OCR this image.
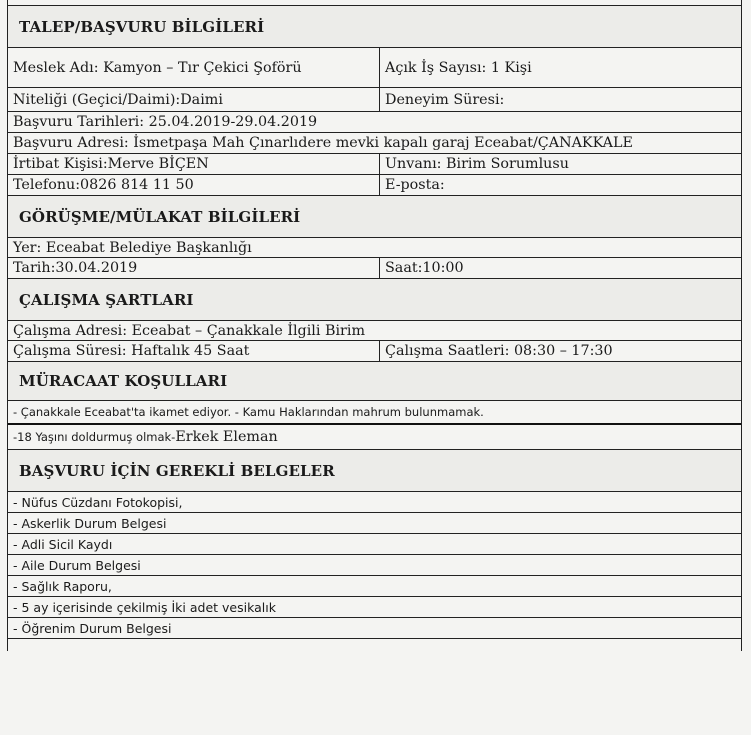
TALEP/BAŞVURU BİLGİLERİ
Meslek Adı: Kamyon – Tır Çekici Şoförü	Açık İş Sayısı: 1 Kişi
Niteliği (Geçici/Daimi):Daimi	Deneyim Süresi:
Başvuru Tarihleri: 25.04.2019-29.04.2019
Başvuru Adresi: İsmetpaşa Mah Çınarlıdere mevki kapalı garaj Eceabat/ÇANAKKALE
İrtibat Kişisi:Merve BİÇEN	Unvanı: Birim Sorumlusu
Telefonu:0826 814 11 50	E-posta:
GÖRÜŞME/MÜLAKAT BİLGİLERİ
Yer: Eceabat Belediye Başkanlığı
Tarih:30.04.2019	Saat:10:00
ÇALIŞMA ŞARTLARI
Çalışma Adresi: Eceabat – Çanakkale İlgili Birim
Çalışma Süresi: Haftalık 45 Saat	Çalışma Saatleri: 08:30 – 17:30
MÜRACAAT KOŞULLARI
- Çanakkale Eceabat'ta ikamet ediyor. - Kamu Haklarından mahrum bulunmamak.
-18 Yaşını doldurmuş olmak- Erkek Eleman
BAŞVURU İÇİN GEREKLİ BELGELER
- Nüfus Cüzdanı Fotokopisi,
- Askerlik Durum Belgesi
- Adli Sicil Kaydı
- Aile Durum Belgesi
- Sağlık Raporu,
- 5 ay içerisinde çekilmiş İki adet vesikalık
- Öğrenim Durum Belgesi
